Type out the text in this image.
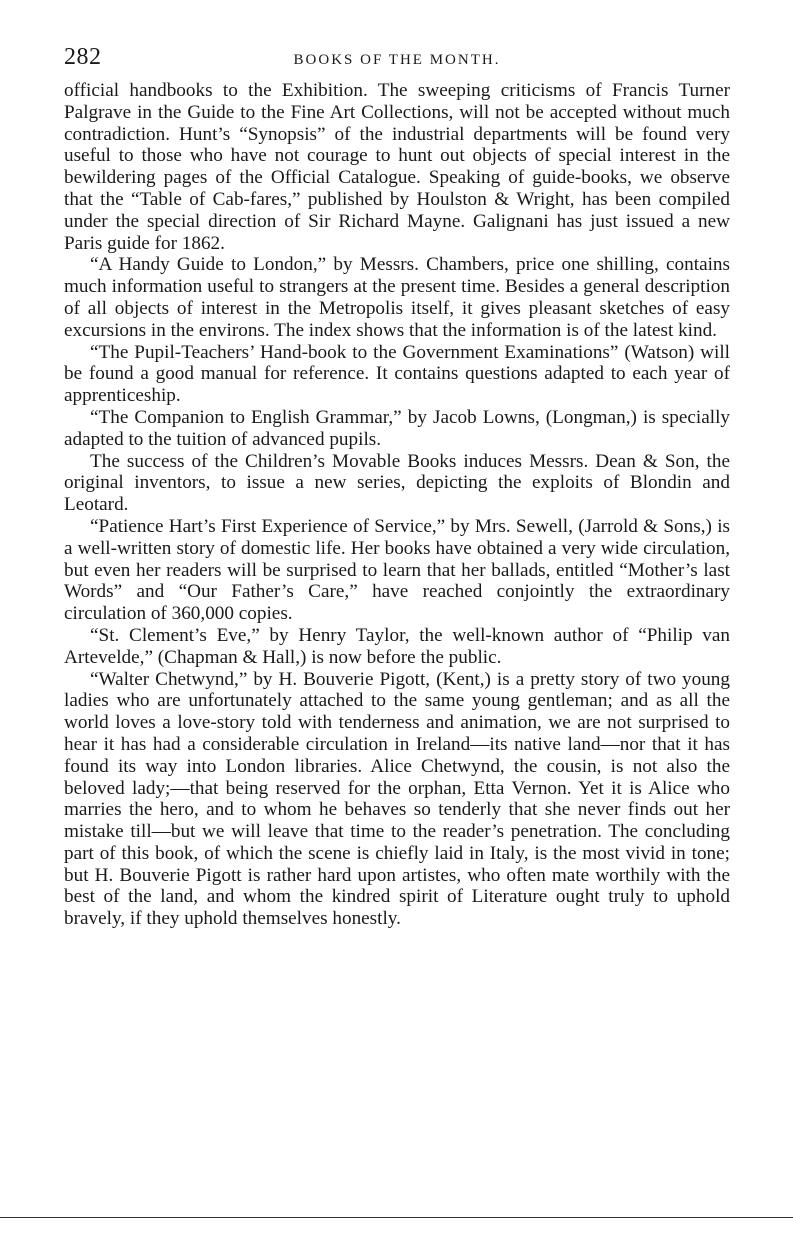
282	BOOKS OF THE MONTH.

official handbooks to the Exhibition. The sweeping criticisms of Francis Turner Palgrave in the Guide to the Fine Art Collections, will not be accepted without much contradiction. Hunt’s “Synopsis” of the industrial departments will be found very useful to those who have not courage to hunt out objects of special interest in the bewildering pages of the Official Catalogue. Speaking of guide-books, we observe that the “Table of Cab-fares,” published by Houlston & Wright, has been compiled under the special direction of Sir Richard Mayne. Galignani has just issued a new Paris guide for 1862.

“A Handy Guide to London,” by Messrs. Chambers, price one shilling, contains much information useful to strangers at the present time. Besides a general description of all objects of interest in the Metropolis itself, it gives pleasant sketches of easy excursions in the environs. The index shows that the information is of the latest kind.

“The Pupil-Teachers’ Hand-book to the Government Examinations” (Watson) will be found a good manual for reference. It contains questions adapted to each year of apprenticeship.

“The Companion to English Grammar,” by Jacob Lowns, (Longman,) is specially adapted to the tuition of advanced pupils.

The success of the Children’s Movable Books induces Messrs. Dean & Son, the original inventors, to issue a new series, depicting the exploits of Blondin and Leotard.

“Patience Hart’s First Experience of Service,” by Mrs. Sewell, (Jarrold & Sons,) is a well-written story of domestic life. Her books have obtained a very wide circulation, but even her readers will be surprised to learn that her ballads, entitled “Mother’s last Words” and “Our Father’s Care,” have reached conjointly the extraordinary circulation of 360,000 copies.

“St. Clement’s Eve,” by Henry Taylor, the well-known author of “Philip van Artevelde,” (Chapman & Hall,) is now before the public.

“Walter Chetwynd,” by H. Bouverie Pigott, (Kent,) is a pretty story of two young ladies who are unfortunately attached to the same young gentleman; and as all the world loves a love-story told with tenderness and animation, we are not surprised to hear it has had a considerable circulation in Ireland—its native land—nor that it has found its way into London libraries. Alice Chetwynd, the cousin, is not also the beloved lady;—that being reserved for the orphan, Etta Vernon. Yet it is Alice who marries the hero, and to whom he behaves so tenderly that she never finds out her mistake till—but we will leave that time to the reader’s penetration. The concluding part of this book, of which the scene is chiefly laid in Italy, is the most vivid in tone; but H. Bouverie Pigott is rather hard upon artistes, who often mate worthily with the best of the land, and whom the kindred spirit of Literature ought truly to uphold bravely, if they uphold themselves honestly.
